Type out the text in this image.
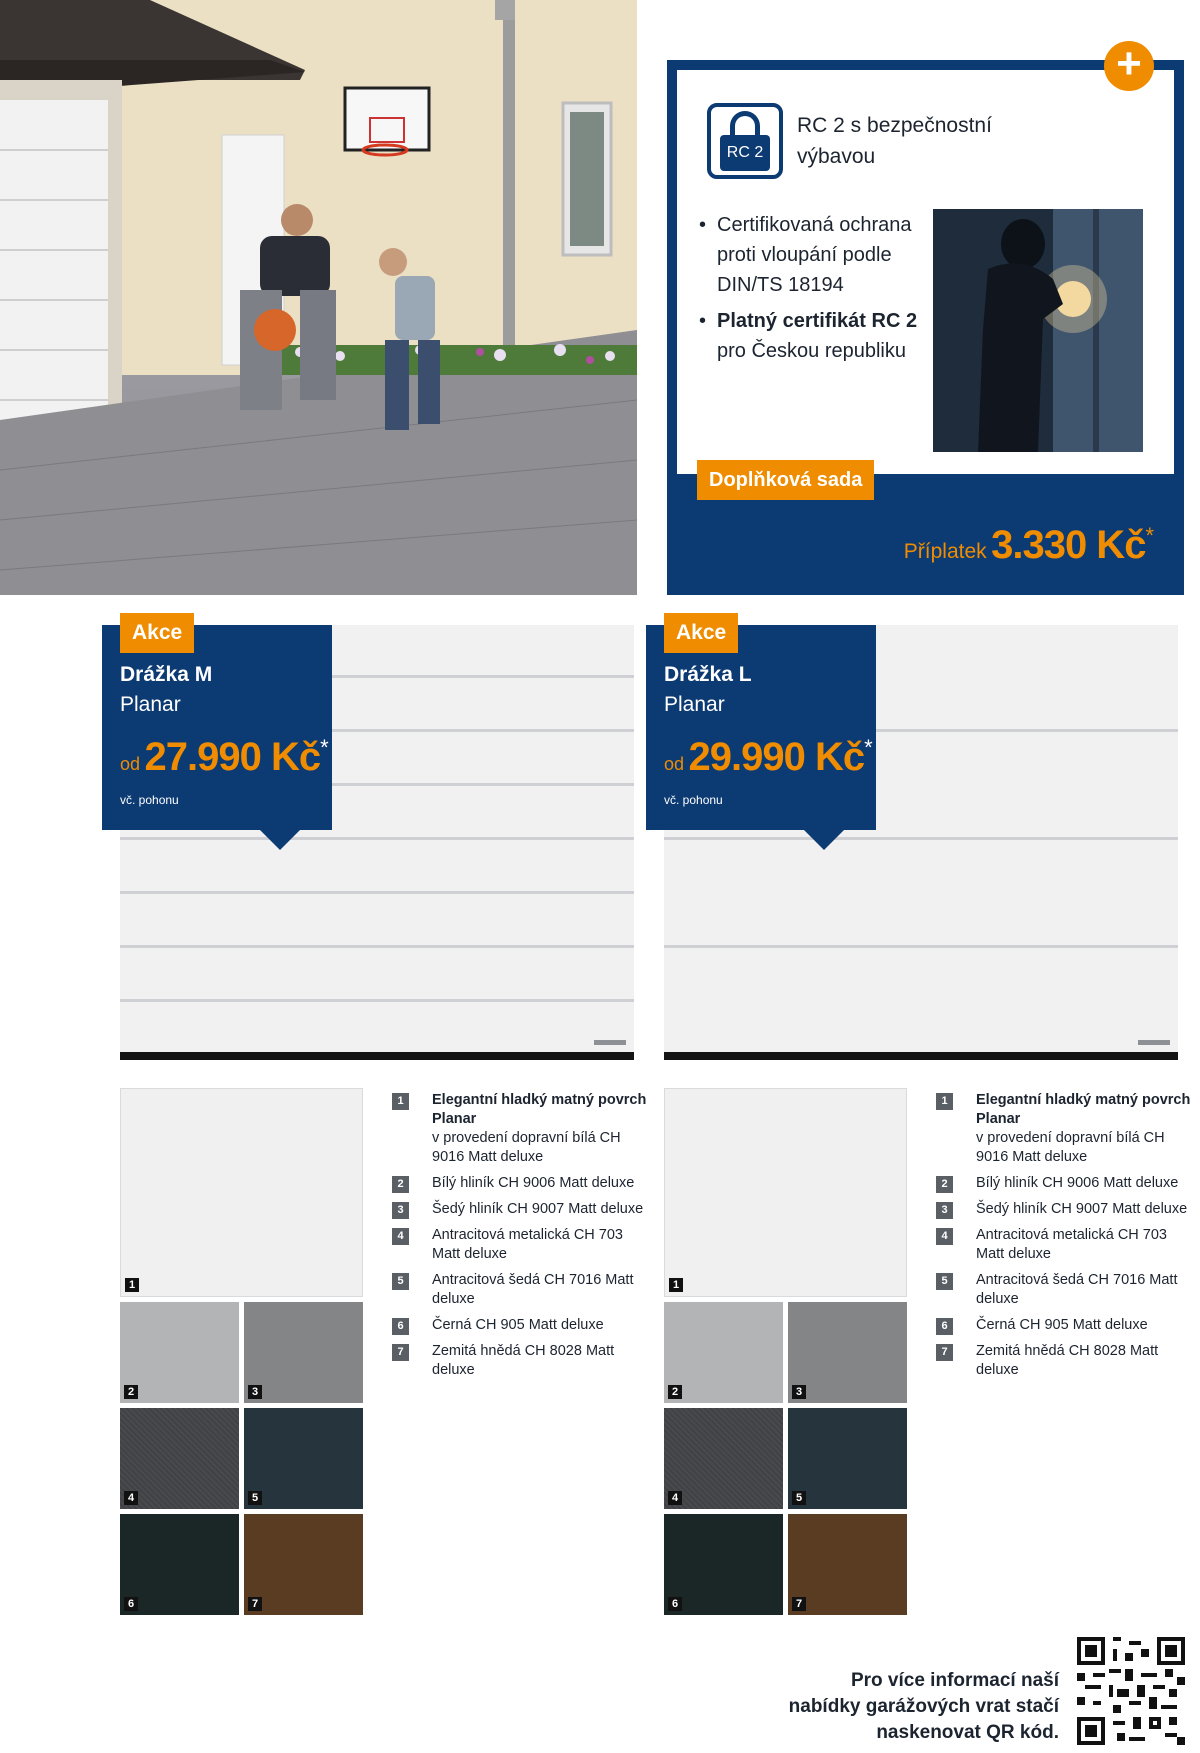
RC 2
RC 2 s bezpečnostní výbavou
• Certifikovaná ochrana proti vloupání podle DIN/TS 18194
• Platný certifikát RC 2 pro Českou republiku
Doplňková sada
Příplatek 3.330 Kč*
+
Akce
Drážka M
Planar
od 27.990 Kč*
vč. pohonu
1
2	3
4	5
6	7
1	Elegantní hladký matný povrch Planar
v provedení dopravní bílá CH 9016 Matt deluxe
2	Bílý hliník CH 9006 Matt deluxe
3	Šedý hliník CH 9007 Matt deluxe
4	Antracitová metalická CH 703 Matt deluxe
5	Antracitová šedá CH 7016 Matt deluxe
6	Černá CH 905 Matt deluxe
7	Zemitá hnědá CH 8028 Matt deluxe
Akce
Drážka L
Planar
od 29.990 Kč*
vč. pohonu
1
2	3
4	5
6	7
1	Elegantní hladký matný povrch Planar
v provedení dopravní bílá CH 9016 Matt deluxe
2	Bílý hliník CH 9006 Matt deluxe
3	Šedý hliník CH 9007 Matt deluxe
4	Antracitová metalická CH 703 Matt deluxe
5	Antracitová šedá CH 7016 Matt deluxe
6	Černá CH 905 Matt deluxe
7	Zemitá hnědá CH 8028 Matt deluxe
Pro více informací naší
nabídky garážových vrat stačí
naskenovat QR kód.
